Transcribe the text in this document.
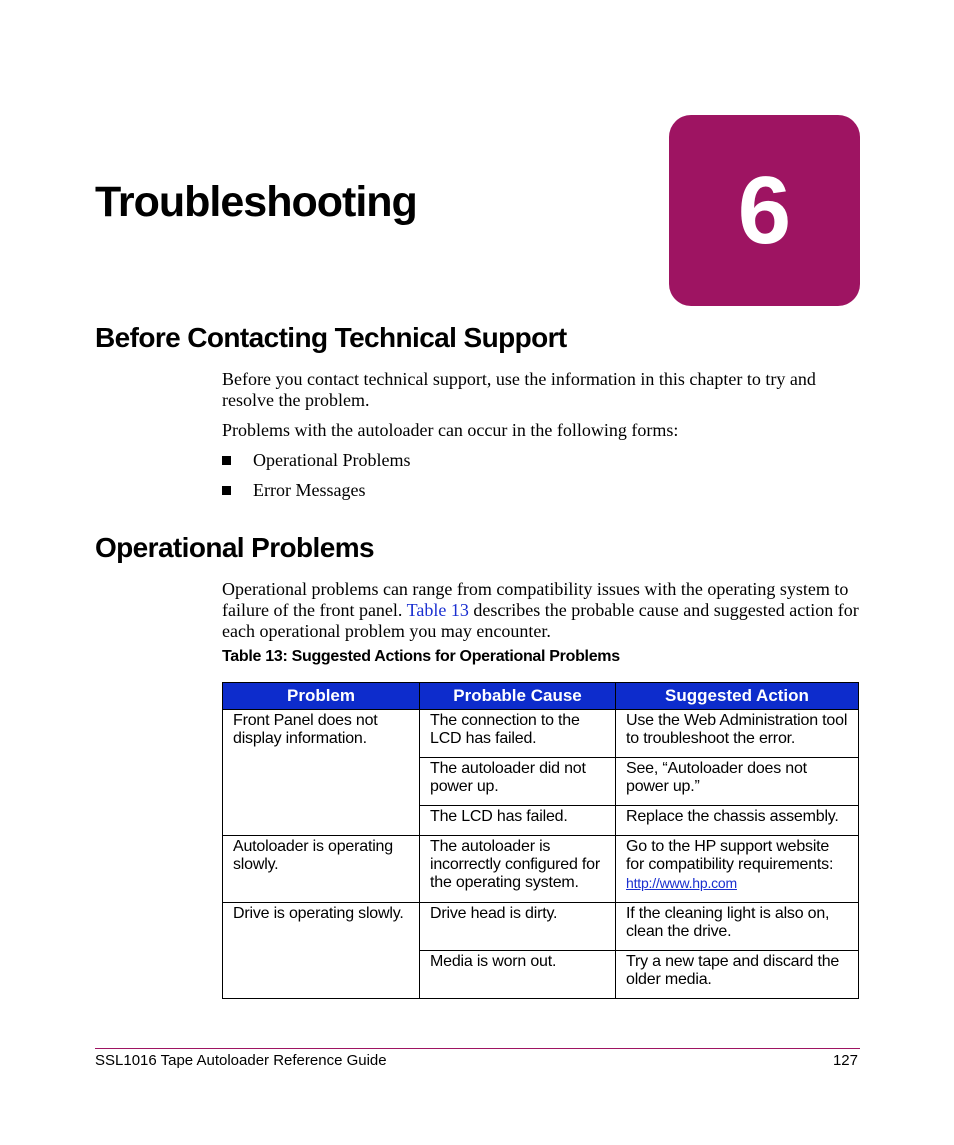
Troubleshooting	6
Before Contacting Technical Support

Before you contact technical support, use the information in this chapter to try and resolve the problem.

Problems with the autoloader can occur in the following forms:

Operational Problems
Error Messages
Operational Problems

Operational problems can range from compatibility issues with the operating system to failure of the front panel. Table 13 describes the probable cause and suggested action for each operational problem you may encounter.

Table 13: Suggested Actions for Operational Problems

Problem	Probable Cause	Suggested Action
Front Panel does not display information.	The connection to the LCD has failed.	Use the Web Administration tool to troubleshoot the error.
	The autoloader did not power up.	See, “Autoloader does not power up.”
	The LCD has failed.	Replace the chassis assembly.
Autoloader is operating slowly.	The autoloader is incorrectly configured for the operating system.	Go to the HP support website for compatibility requirements:
http://www.hp.com
Drive is operating slowly.	Drive head is dirty.	If the cleaning light is also on, clean the drive.
	Media is worn out.	Try a new tape and discard the older media.

SSL1016 Tape Autoloader Reference Guide	127
